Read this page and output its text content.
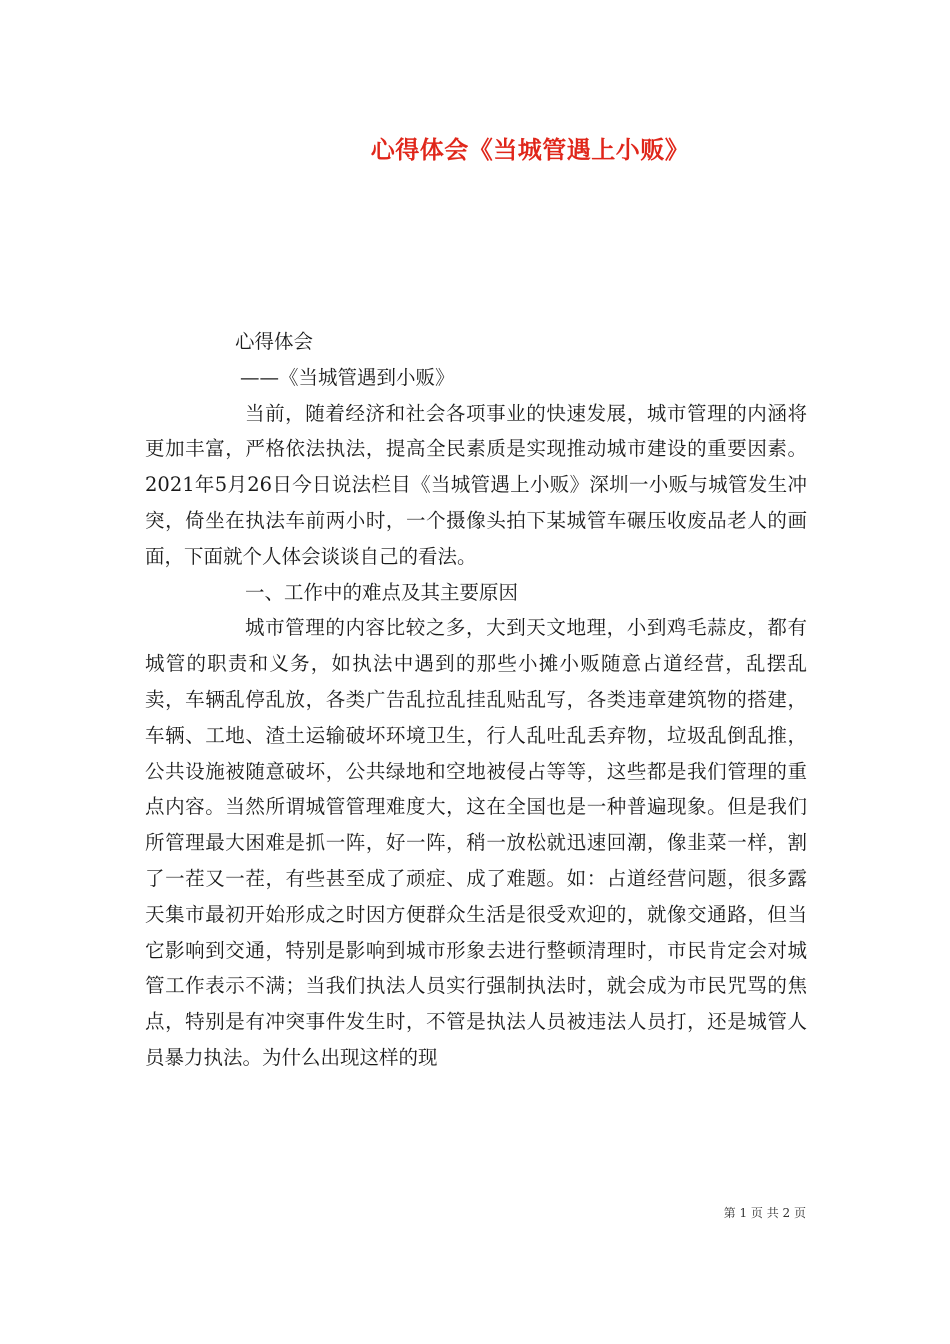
心得体会《当城管遇上小贩》

心得体会

——《当城管遇到小贩》

当前，随着经济和社会各项事业的快速发展，城市管理的内涵将更加丰富，严格依法执法，提高全民素质是实现推动城市建设的重要因素。2021年5月26日今日说法栏目《当城管遇上小贩》深圳一小贩与城管发生冲突，倚坐在执法车前两小时，一个摄像头拍下某城管车碾压收废品老人的画面，下面就个人体会谈谈自己的看法。

一、工作中的难点及其主要原因

城市管理的内容比较之多，大到天文地理，小到鸡毛蒜皮，都有城管的职责和义务，如执法中遇到的那些小摊小贩随意占道经营，乱摆乱卖，车辆乱停乱放，各类广告乱拉乱挂乱贴乱写，各类违章建筑物的搭建，车辆、工地、渣土运输破坏环境卫生，行人乱吐乱丢弃物，垃圾乱倒乱推，公共设施被随意破坏，公共绿地和空地被侵占等等，这些都是我们管理的重点内容。当然所谓城管管理难度大，这在全国也是一种普遍现象。但是我们所管理最大困难是抓一阵，好一阵，稍一放松就迅速回潮，像韭菜一样，割了一茬又一茬，有些甚至成了顽症、成了难题。如：占道经营问题，很多露天集市最初开始形成之时因方便群众生活是很受欢迎的，就像交通路，但当它影响到交通，特别是影响到城市形象去进行整顿清理时，市民肯定会对城管工作表示不满；当我们执法人员实行强制执法时，就会成为市民咒骂的焦点，特别是有冲突事件发生时，不管是执法人员被违法人员打，还是城管人员暴力执法。为什么出现这样的现

第 1 页 共 2 页
